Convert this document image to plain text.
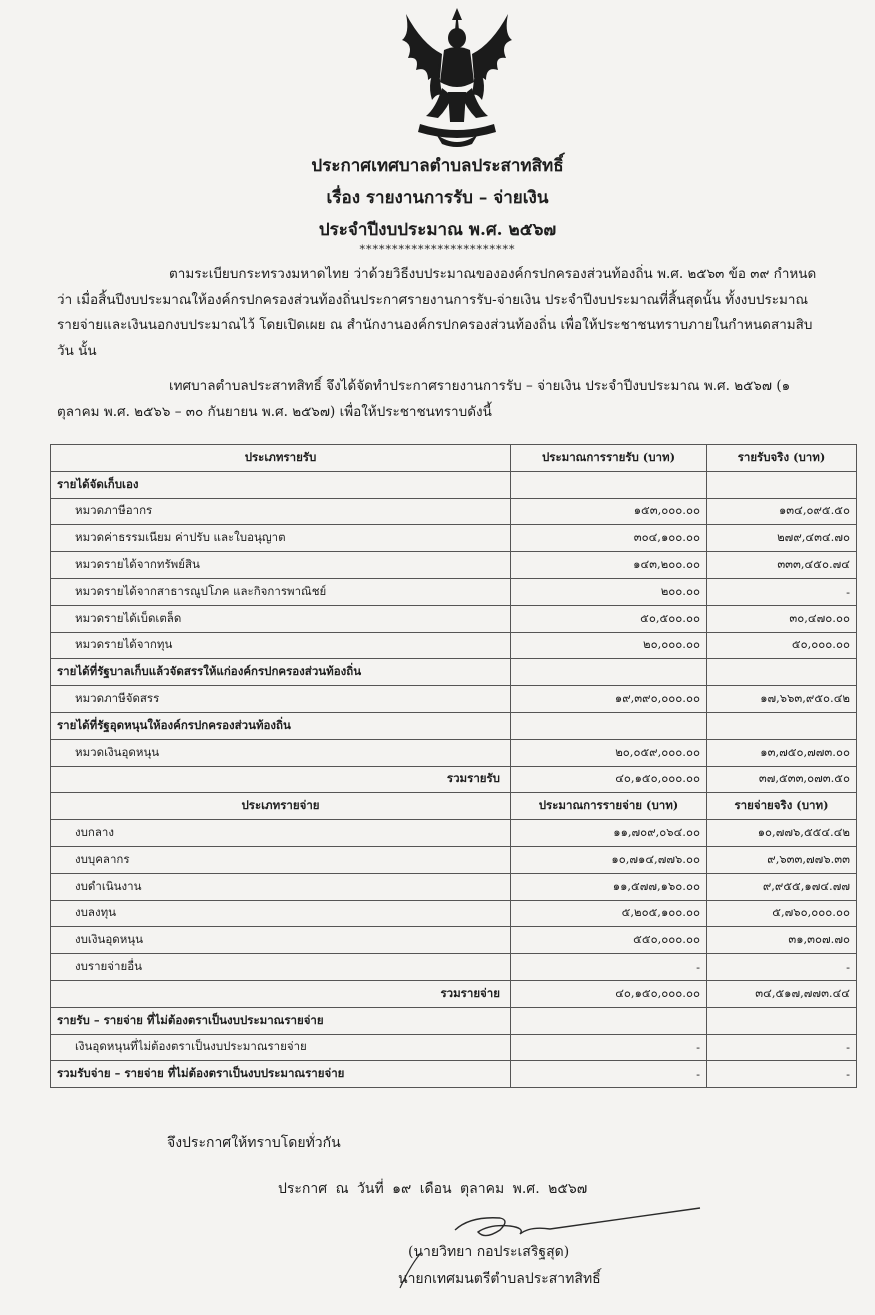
ประกาศเทศบาลตำบลประสาทสิทธิ์
เรื่อง รายงานการรับ – จ่ายเงิน
ประจำปีงบประมาณ พ.ศ. ๒๕๖๗
************************
ตามระเบียบกระทรวงมหาดไทย ว่าด้วยวิธีงบประมาณขององค์กรปกครองส่วนท้องถิ่น พ.ศ. ๒๕๖๓ ข้อ ๓๙ กำหนดว่า เมื่อสิ้นปีงบประมาณให้องค์กรปกครองส่วนท้องถิ่นประกาศรายงานการรับ-จ่ายเงิน ประจำปีงบประมาณที่สิ้นสุดนั้น ทั้งงบประมาณรายจ่ายและเงินนอกงบประมาณไว้ โดยเปิดเผย ณ สำนักงานองค์กรปกครองส่วนท้องถิ่น เพื่อให้ประชาชนทราบภายในกำหนดสามสิบวัน นั้น
เทศบาลตำบลประสาทสิทธิ์ จึงได้จัดทำประกาศรายงานการรับ – จ่ายเงิน ประจำปีงบประมาณ พ.ศ. ๒๕๖๗ (๑ ตุลาคม พ.ศ. ๒๕๖๖ – ๓๐ กันยายน พ.ศ. ๒๕๖๗) เพื่อให้ประชาชนทราบดังนี้
ประเภทรายรับ	ประมาณการรายรับ (บาท)	รายรับจริง (บาท)
รายได้จัดเก็บเอง		
หมวดภาษีอากร	๑๕๓,๐๐๐.๐๐	๑๓๔,๐๙๕.๕๐
หมวดค่าธรรมเนียม ค่าปรับ และใบอนุญาต	๓๐๔,๑๐๐.๐๐	๒๗๙,๔๓๔.๗๐
หมวดรายได้จากทรัพย์สิน	๑๔๓,๒๐๐.๐๐	๓๓๓,๔๕๐.๗๔
หมวดรายได้จากสาธารณูปโภค และกิจการพาณิชย์	๒๐๐.๐๐	-
หมวดรายได้เบ็ดเตล็ด	๕๐,๕๐๐.๐๐	๓๐,๔๗๐.๐๐
หมวดรายได้จากทุน	๒๐,๐๐๐.๐๐	๕๐,๐๐๐.๐๐
รายได้ที่รัฐบาลเก็บแล้วจัดสรรให้แก่องค์กรปกครองส่วนท้องถิ่น		
หมวดภาษีจัดสรร	๑๙,๓๙๐,๐๐๐.๐๐	๑๗,๖๖๓,๙๕๐.๔๒
รายได้ที่รัฐอุดหนุนให้องค์กรปกครองส่วนท้องถิ่น		
หมวดเงินอุดหนุน	๒๐,๐๕๙,๐๐๐.๐๐	๑๓,๗๕๐,๗๗๓.๐๐
รวมรายรับ	๔๐,๑๕๐,๐๐๐.๐๐	๓๗,๕๓๓,๐๗๓.๕๐
ประเภทรายจ่าย	ประมาณการรายจ่าย (บาท)	รายจ่ายจริง (บาท)
งบกลาง	๑๑,๗๐๙,๐๖๔.๐๐	๑๐,๗๗๖,๕๕๔.๔๒
งบบุคลากร	๑๐,๗๑๔,๗๗๖.๐๐	๙,๖๓๓,๗๗๖.๓๓
งบดำเนินงาน	๑๑,๕๗๗,๑๖๐.๐๐	๙,๙๕๕,๑๗๔.๗๗
งบลงทุน	๕,๒๐๕,๑๐๐.๐๐	๕,๗๖๐,๐๐๐.๐๐
งบเงินอุดหนุน	๕๕๐,๐๐๐.๐๐	๓๑,๓๐๗.๗๐
งบรายจ่ายอื่น	-	-
รวมรายจ่าย	๔๐,๑๕๐,๐๐๐.๐๐	๓๔,๕๑๗,๗๗๓.๔๔
รายรับ – รายจ่าย ที่ไม่ต้องตราเป็นงบประมาณรายจ่าย		
เงินอุดหนุนที่ไม่ต้องตราเป็นงบประมาณรายจ่าย	-	-
รวมรับจ่าย – รายจ่าย ที่ไม่ต้องตราเป็นงบประมาณรายจ่าย	-	-
จึงประกาศให้ทราบโดยทั่วกัน
ประกาศ ณ วันที่ ๑๙ เดือน ตุลาคม พ.ศ. ๒๕๖๗
(นายวิทยา กอประเสริฐสุด)
นายกเทศมนตรีตำบลประสาทสิทธิ์
